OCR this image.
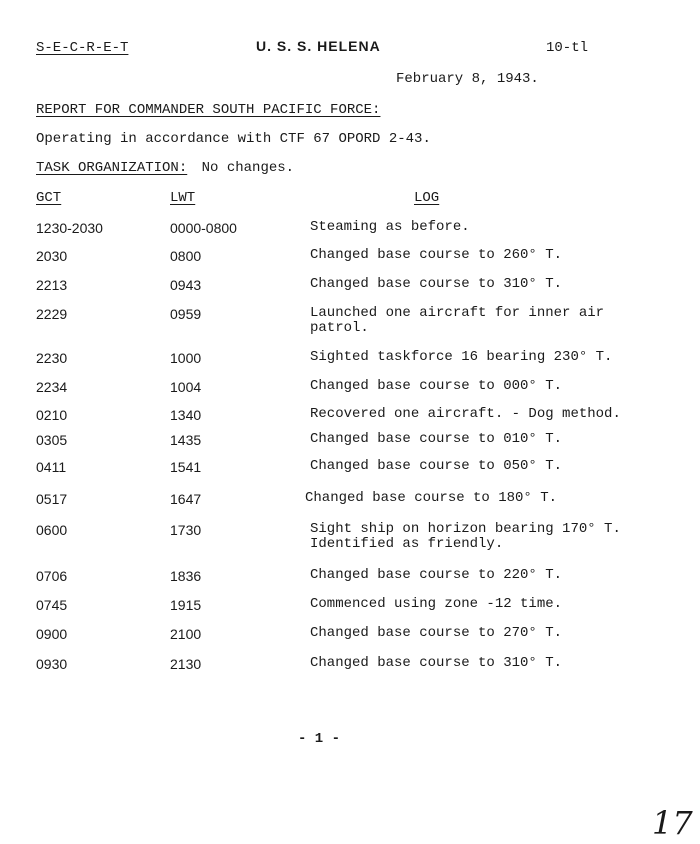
S-E-C-R-E-T	U. S. S. HELENA	10-tl
February 8, 1943.
REPORT FOR COMMANDER SOUTH PACIFIC FORCE:
Operating in accordance with CTF 67 OPORD 2-43.
TASK ORGANIZATION: No changes.
GCT	LWT	LOG
1230-2030	0000-0800	Steaming as before.
2030	0800	Changed base course to 260° T.
2213	0943	Changed base course to 310° T.
2229	0959	Launched one aircraft for inner air
patrol.
2230	1000	Sighted taskforce 16 bearing 230° T.
2234	1004	Changed base course to 000° T.
0210	1340	Recovered one aircraft. - Dog method.
0305	1435	Changed base course to 010° T.
0411	1541	Changed base course to 050° T.
0517	1647	Changed base course to 180° T.
0600	1730	Sight ship on horizon bearing 170° T.
Identified as friendly.
0706	1836	Changed base course to 220° T.
0745	1915	Commenced using zone -12 time.
0900	2100	Changed base course to 270° T.
0930	2130	Changed base course to 310° T.
- 1 -
17
